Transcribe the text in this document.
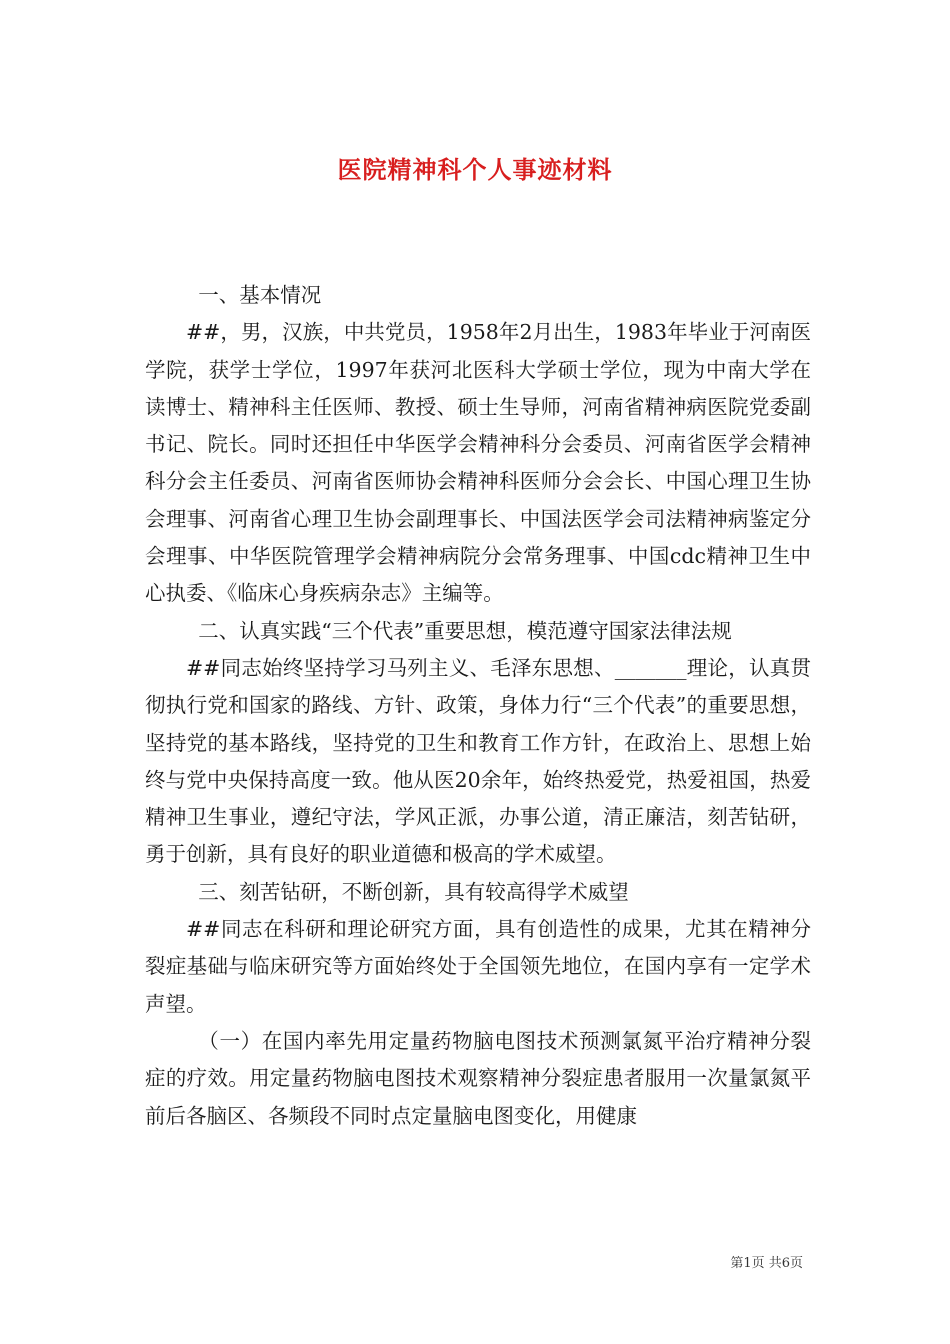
医院精神科个人事迹材料

一、基本情况

##，男，汉族，中共党员，1958年2月出生，1983年毕业于河南医学院，获学士学位，1997年获河北医科大学硕士学位，现为中南大学在读博士、精神科主任医师、教授、硕士生导师，河南省精神病医院党委副书记、院长。同时还担任中华医学会精神科分会委员、河南省医学会精神科分会主任委员、河南省医师协会精神科医师分会会长、中国心理卫生协会理事、河南省心理卫生协会副理事长、中国法医学会司法精神病鉴定分会理事、中华医院管理学会精神病院分会常务理事、中国cdc精神卫生中心执委、《临床心身疾病杂志》主编等。

二、认真实践“三个代表”重要思想，模范遵守国家法律法规

##同志始终坚持学习马列主义、毛泽东思想、_______理论，认真贯彻执行党和国家的路线、方针、政策，身体力行“三个代表”的重要思想，坚持党的基本路线，坚持党的卫生和教育工作方针，在政治上、思想上始终与党中央保持高度一致。他从医20余年，始终热爱党，热爱祖国，热爱精神卫生事业，遵纪守法，学风正派，办事公道，清正廉洁，刻苦钻研，勇于创新，具有良好的职业道德和极高的学术威望。

三、刻苦钻研，不断创新，具有较高得学术威望

##同志在科研和理论研究方面，具有创造性的成果，尤其在精神分裂症基础与临床研究等方面始终处于全国领先地位，在国内享有一定学术声望。

（一）在国内率先用定量药物脑电图技术预测氯氮平治疗精神分裂症的疗效。用定量药物脑电图技术观察精神分裂症患者服用一次量氯氮平前后各脑区、各频段不同时点定量脑电图变化，用健康

第1页 共6页
